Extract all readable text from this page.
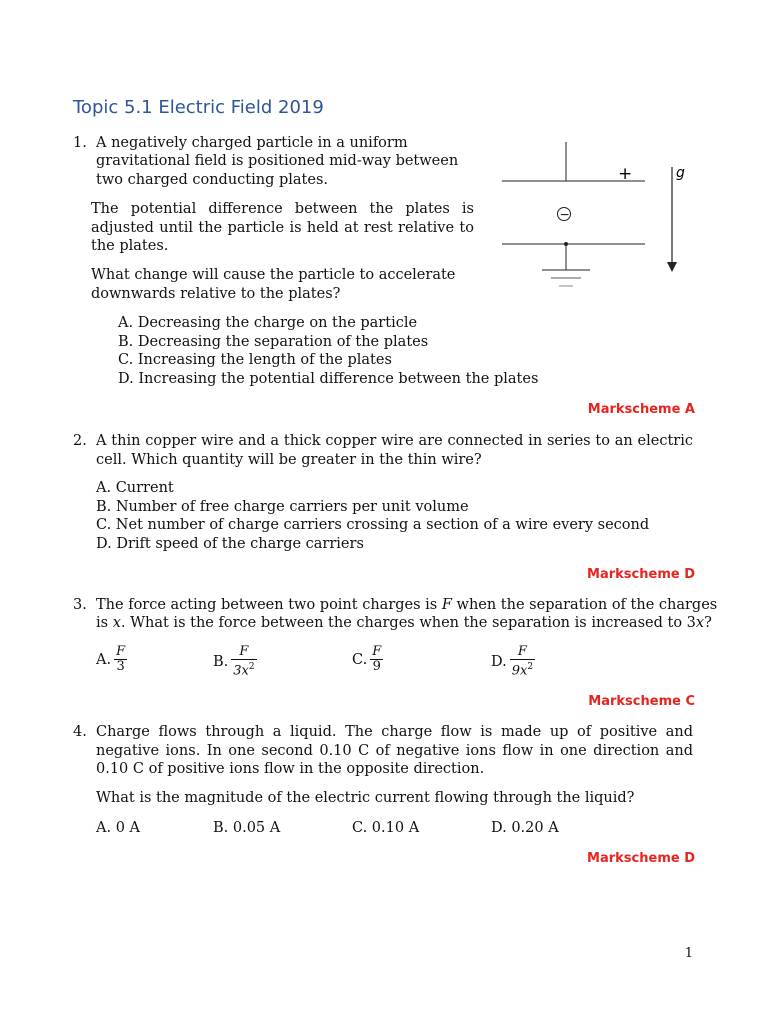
Topic 5.1 Electric Field 2019
1. A negatively charged particle in a uniform
gravitational field is positioned mid-way between
two charged conducting plates.
The potential difference between the plates is adjusted until the particle is held at rest relative to the plates.
What change will cause the particle to accelerate
downwards relative to the plates?
A. Decreasing the charge on the particle
B. Decreasing the separation of the plates
C. Increasing the length of the plates
D. Increasing the potential difference between the plates
Markscheme A
+
−
g
2. A thin copper wire and a thick copper wire are connected in series to an electric cell. Which quantity will be greater in the thin wire?
A. Current
B. Number of free charge carriers per unit volume
C. Net number of charge carriers crossing a section of a wire every second
D. Drift speed of the charge carriers
Markscheme D
3. The force acting between two point charges is F when the separation of the charges
is x. What is the force between the charges when the separation is increased to 3x?
A. $\frac{F}{3}$	B. $\frac{F}{3x^2}$	C. $\frac{F}{9}$	D. $\frac{F}{9x^2}$
Markscheme C
4. Charge flows through a liquid. The charge flow is made up of positive and negative ions. In one second 0.10 C of negative ions flow in one direction and 0.10 C of positive ions flow in the opposite direction.
What is the magnitude of the electric current flowing through the liquid?
A. 0 A	B. 0.05 A	C. 0.10 A	D. 0.20 A
Markscheme D
1
